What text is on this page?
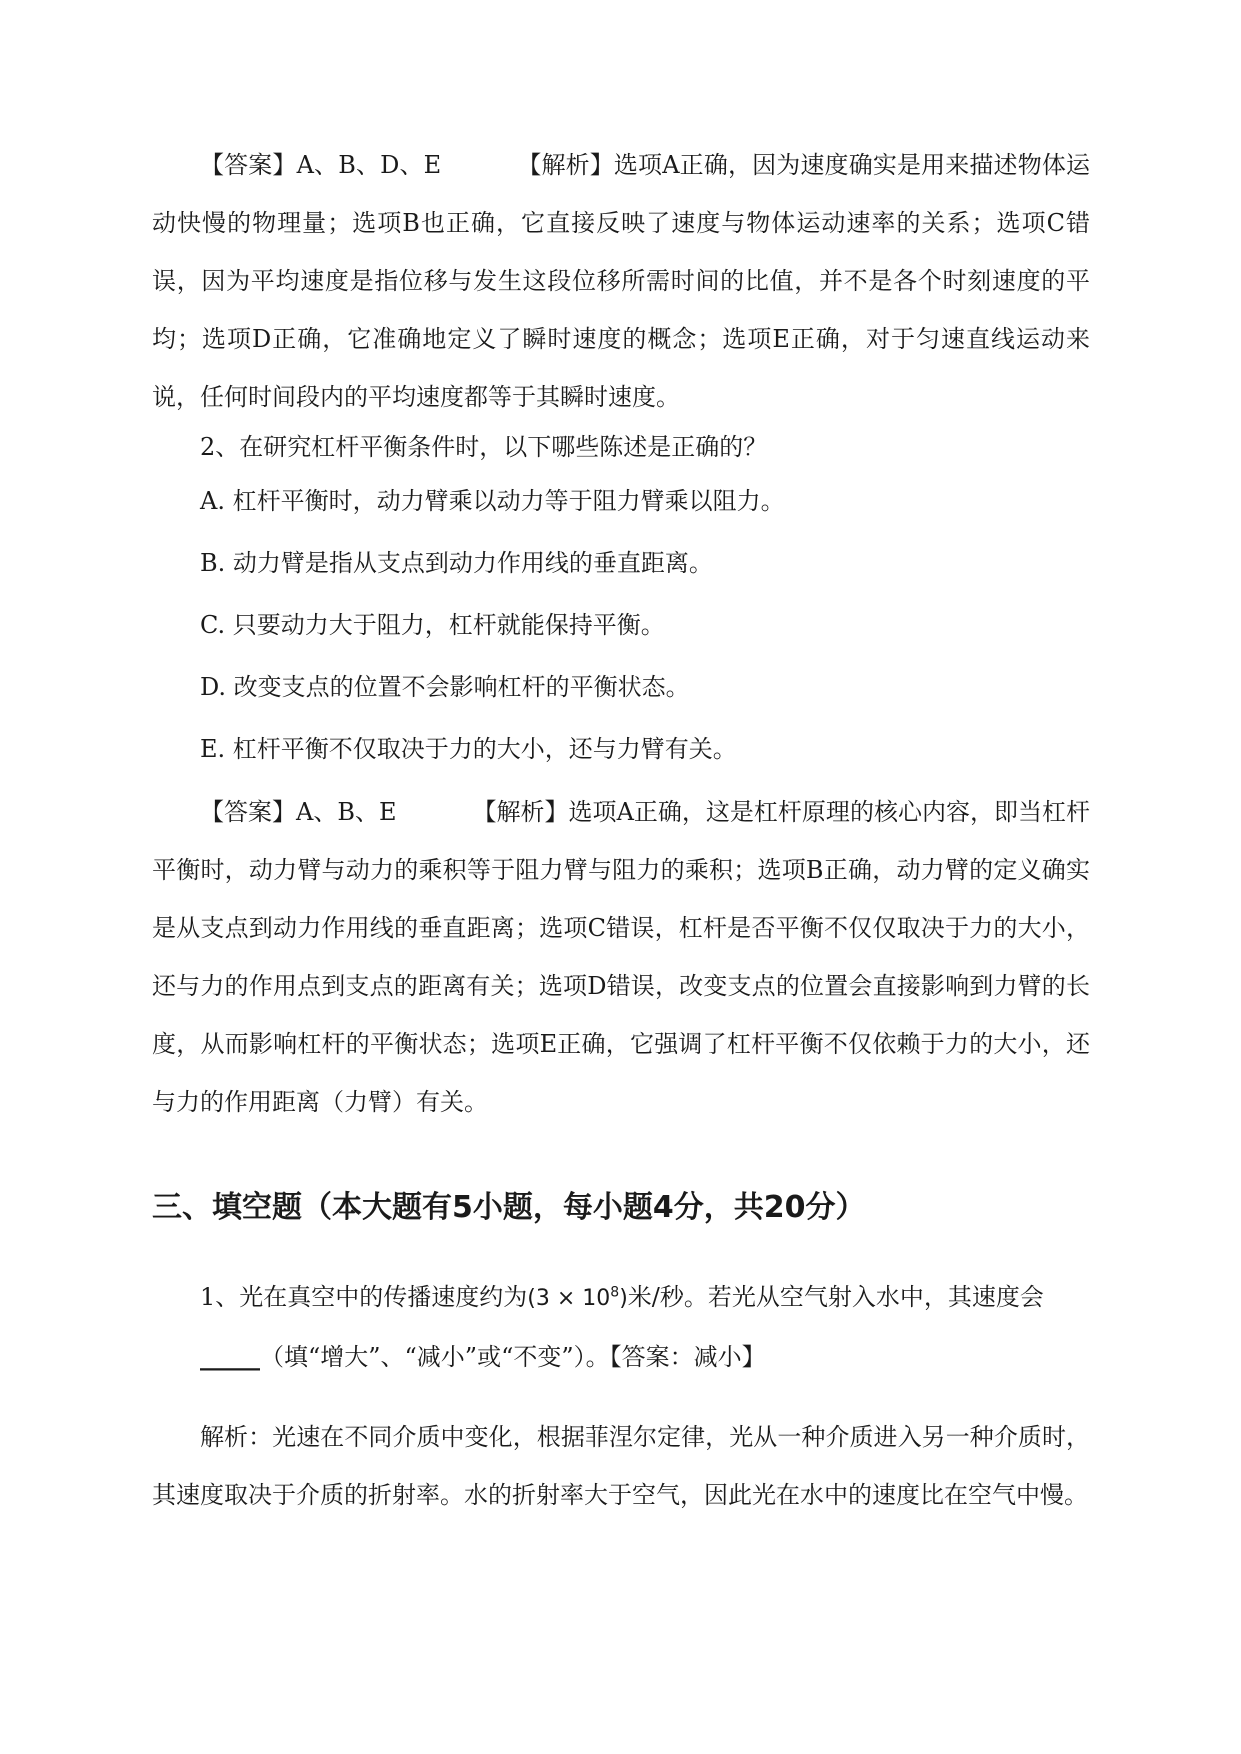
【答案】A、B、D、E	【解析】选项A正确，因为速度确实是用来描述物体运动快慢的物理量；选项B也正确，它直接反映了速度与物体运动速率的关系；选项C错误，因为平均速度是指位移与发生这段位移所需时间的比值，并不是各个时刻速度的平均；选项D正确，它准确地定义了瞬时速度的概念；选项E正确，对于匀速直线运动来说，任何时间段内的平均速度都等于其瞬时速度。

2、在研究杠杆平衡条件时，以下哪些陈述是正确的？

A. 杠杆平衡时，动力臂乘以动力等于阻力臂乘以阻力。

B. 动力臂是指从支点到动力作用线的垂直距离。

C. 只要动力大于阻力，杠杆就能保持平衡。

D. 改变支点的位置不会影响杠杆的平衡状态。

E. 杠杆平衡不仅取决于力的大小，还与力臂有关。

【答案】A、B、E	【解析】选项A正确，这是杠杆原理的核心内容，即当杠杆平衡时，动力臂与动力的乘积等于阻力臂与阻力的乘积；选项B正确，动力臂的定义确实是从支点到动力作用线的垂直距离；选项C错误，杠杆是否平衡不仅仅取决于力的大小，还与力的作用点到支点的距离有关；选项D错误，改变支点的位置会直接影响到力臂的长度，从而影响杠杆的平衡状态；选项E正确，它强调了杠杆平衡不仅依赖于力的大小，还与力的作用距离（力臂）有关。

三、填空题（本大题有5小题，每小题4分，共20分）

1、光在真空中的传播速度约为$(3 \times 10^8)$米/秒。若光从空气射入水中，其速度会
_____（填“增大”、“减小”或“不变”）。【答案：减小】

解析：光速在不同介质中变化，根据菲涅尔定律，光从一种介质进入另一种介质时，其速度取决于介质的折射率。水的折射率大于空气，因此光在水中的速度比在空气中慢。
